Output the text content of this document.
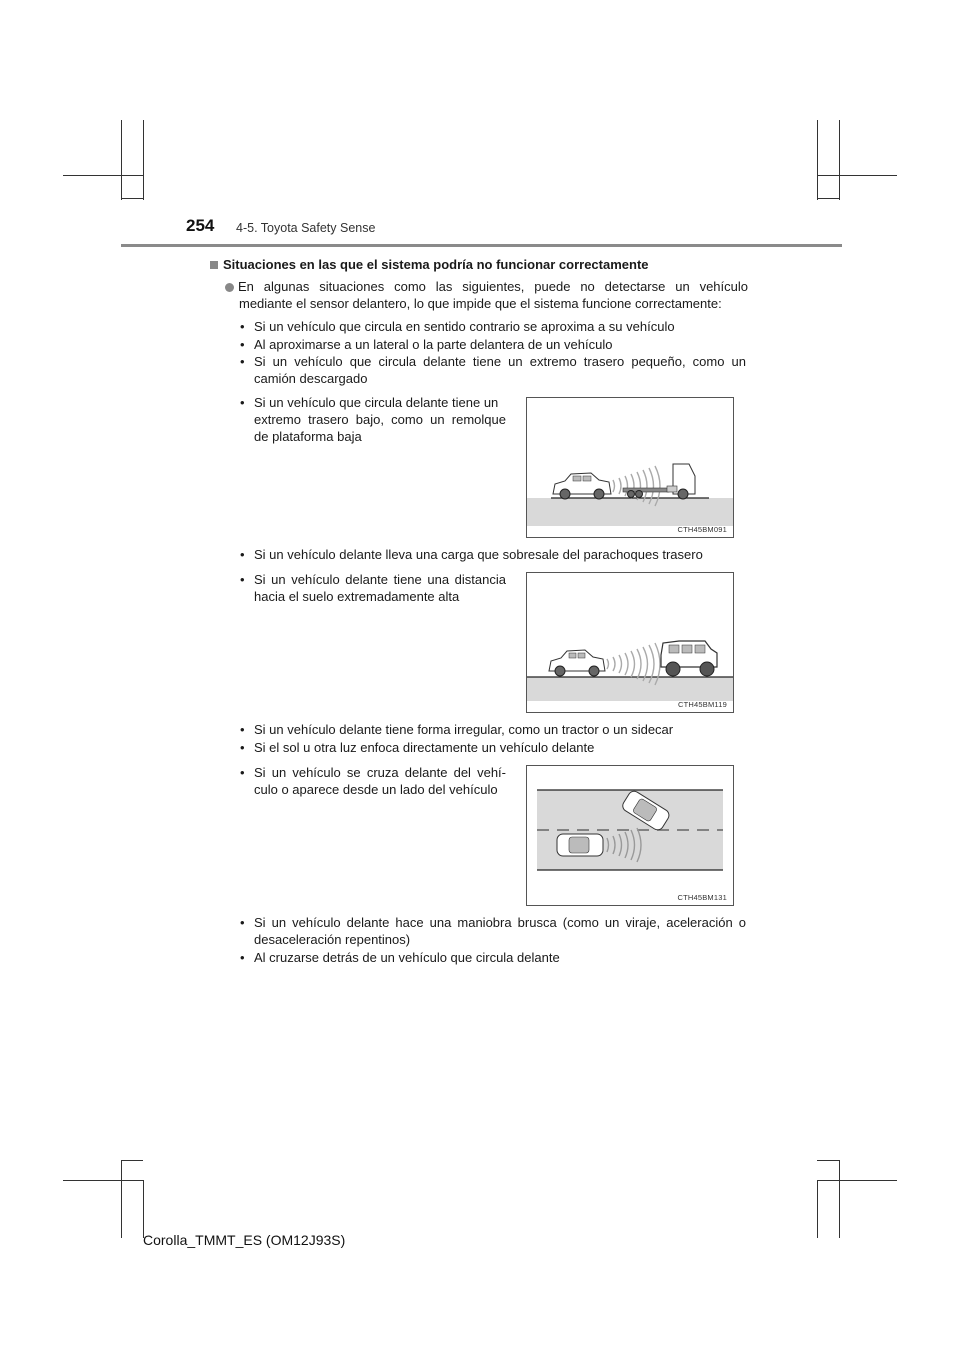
254 4-5. Toyota Safety Sense
Situaciones en las que el sistema podría no funcionar correctamente
En algunas situaciones como las siguientes, puede no detectarse un vehículo
mediante el sensor delantero, lo que impide que el sistema funcione correctamente:
• Si un vehículo que circula en sentido contrario se aproxima a su vehículo
• Al aproximarse a un lateral o la parte delantera de un vehículo
• Si un vehículo que circula delante tiene un extremo trasero pequeño, como un
camión descargado
• Si un vehículo que circula delante tiene un
extremo trasero bajo, como un remolque
de plataforma baja
CTH45BM091
• Si un vehículo delante lleva una carga que sobresale del parachoques trasero
• Si un vehículo delante tiene una distancia
hacia el suelo extremadamente alta
CTH45BM119
• Si un vehículo delante tiene forma irregular, como un tractor o un sidecar
• Si el sol u otra luz enfoca directamente un vehículo delante
• Si un vehículo se cruza delante del vehí-
culo o aparece desde un lado del vehículo
CTH45BM131
• Si un vehículo delante hace una maniobra brusca (como un viraje, aceleración o
desaceleración repentinos)
• Al cruzarse detrás de un vehículo que circula delante
Corolla_TMMT_ES (OM12J93S)
